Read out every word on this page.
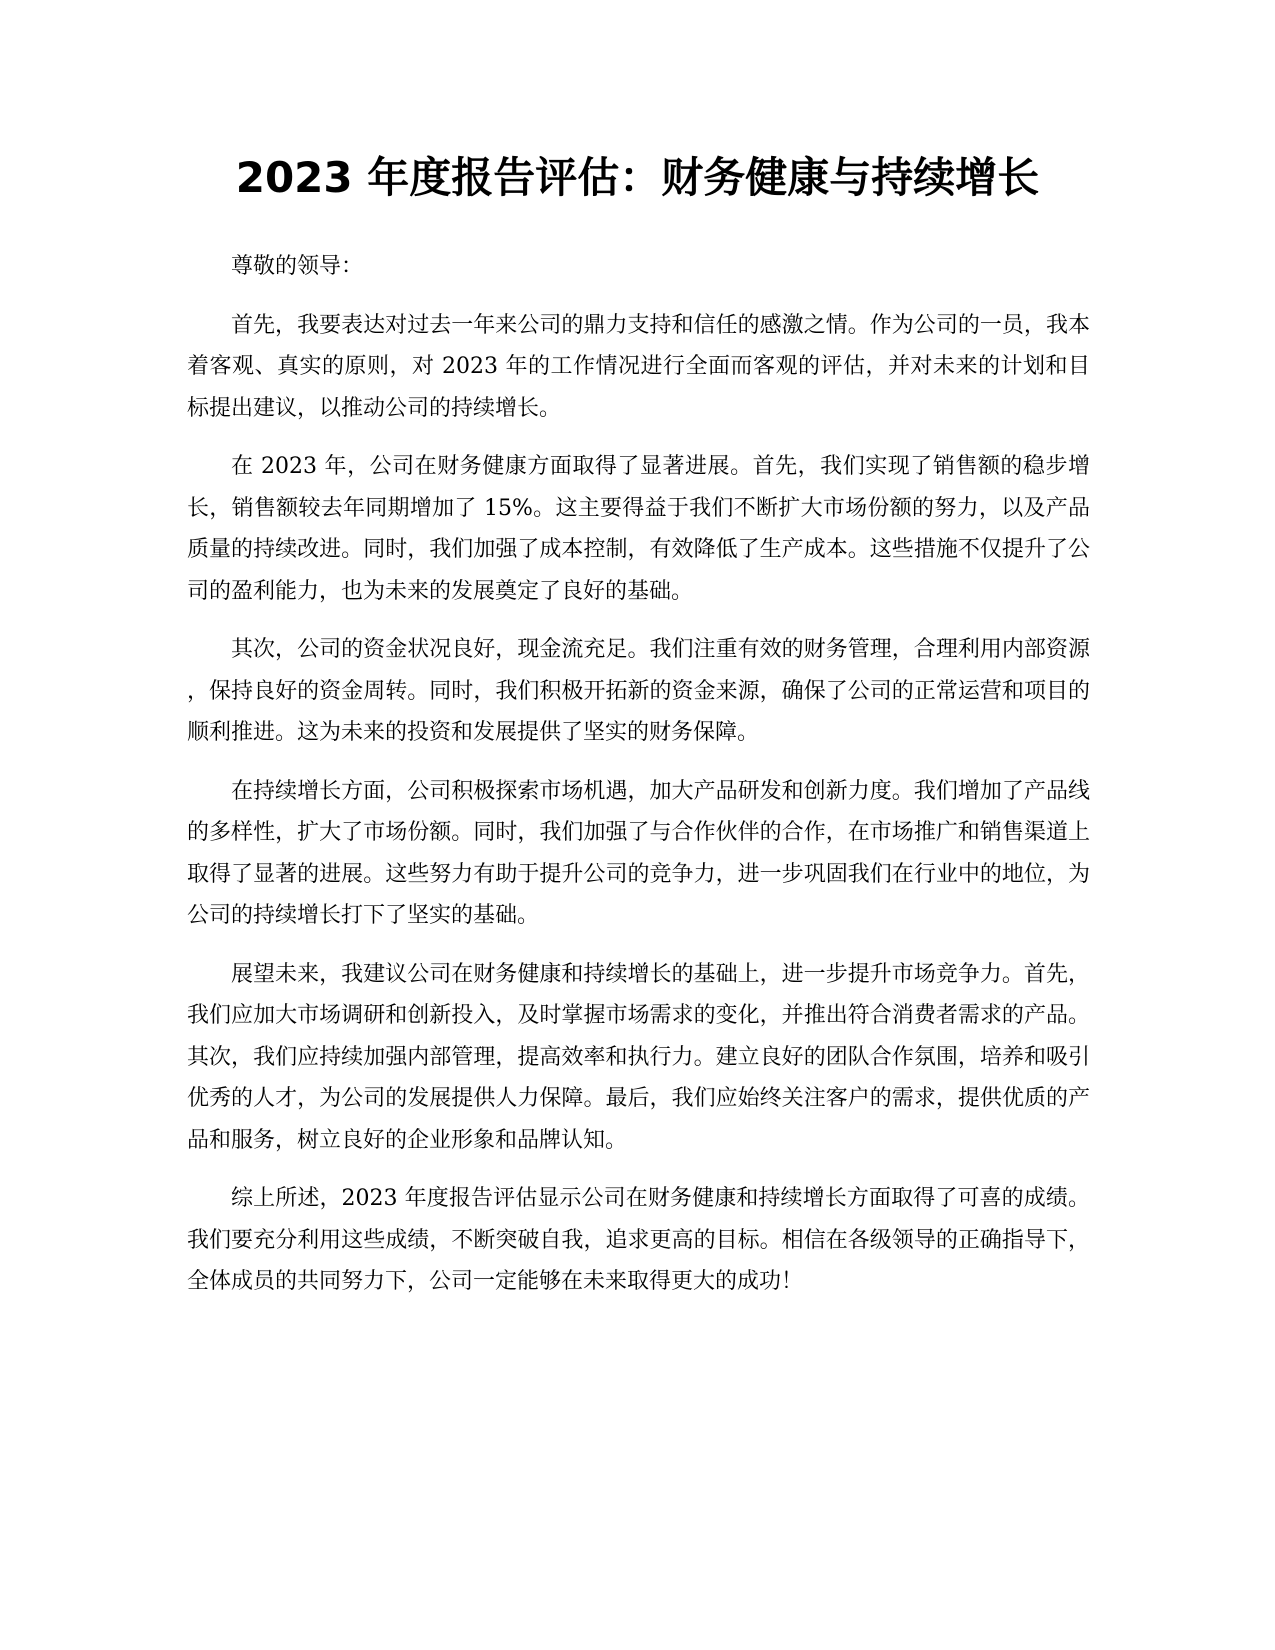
2023 年度报告评估：财务健康与持续增长

尊敬的领导：

首先，我要表达对过去一年来公司的鼎力支持和信任的感激之情。作为公司的一员，我本着客观、真实的原则，对 2023 年的工作情况进行全面而客观的评估，并对未来的计划和目标提出建议，以推动公司的持续增长。

在 2023 年，公司在财务健康方面取得了显著进展。首先，我们实现了销售额的稳步增长，销售额较去年同期增加了 15%。这主要得益于我们不断扩大市场份额的努力，以及产品质量的持续改进。同时，我们加强了成本控制，有效降低了生产成本。这些措施不仅提升了公司的盈利能力，也为未来的发展奠定了良好的基础。

其次，公司的资金状况良好，现金流充足。我们注重有效的财务管理，合理利用内部资源，保持良好的资金周转。同时，我们积极开拓新的资金来源，确保了公司的正常运营和项目的顺利推进。这为未来的投资和发展提供了坚实的财务保障。

在持续增长方面，公司积极探索市场机遇，加大产品研发和创新力度。我们增加了产品线的多样性，扩大了市场份额。同时，我们加强了与合作伙伴的合作，在市场推广和销售渠道上取得了显著的进展。这些努力有助于提升公司的竞争力，进一步巩固我们在行业中的地位，为公司的持续增长打下了坚实的基础。

展望未来，我建议公司在财务健康和持续增长的基础上，进一步提升市场竞争力。首先，我们应加大市场调研和创新投入，及时掌握市场需求的变化，并推出符合消费者需求的产品。其次，我们应持续加强内部管理，提高效率和执行力。建立良好的团队合作氛围，培养和吸引优秀的人才，为公司的发展提供人力保障。最后，我们应始终关注客户的需求，提供优质的产品和服务，树立良好的企业形象和品牌认知。

综上所述，2023 年度报告评估显示公司在财务健康和持续增长方面取得了可喜的成绩。我们要充分利用这些成绩，不断突破自我，追求更高的目标。相信在各级领导的正确指导下，全体成员的共同努力下，公司一定能够在未来取得更大的成功！
